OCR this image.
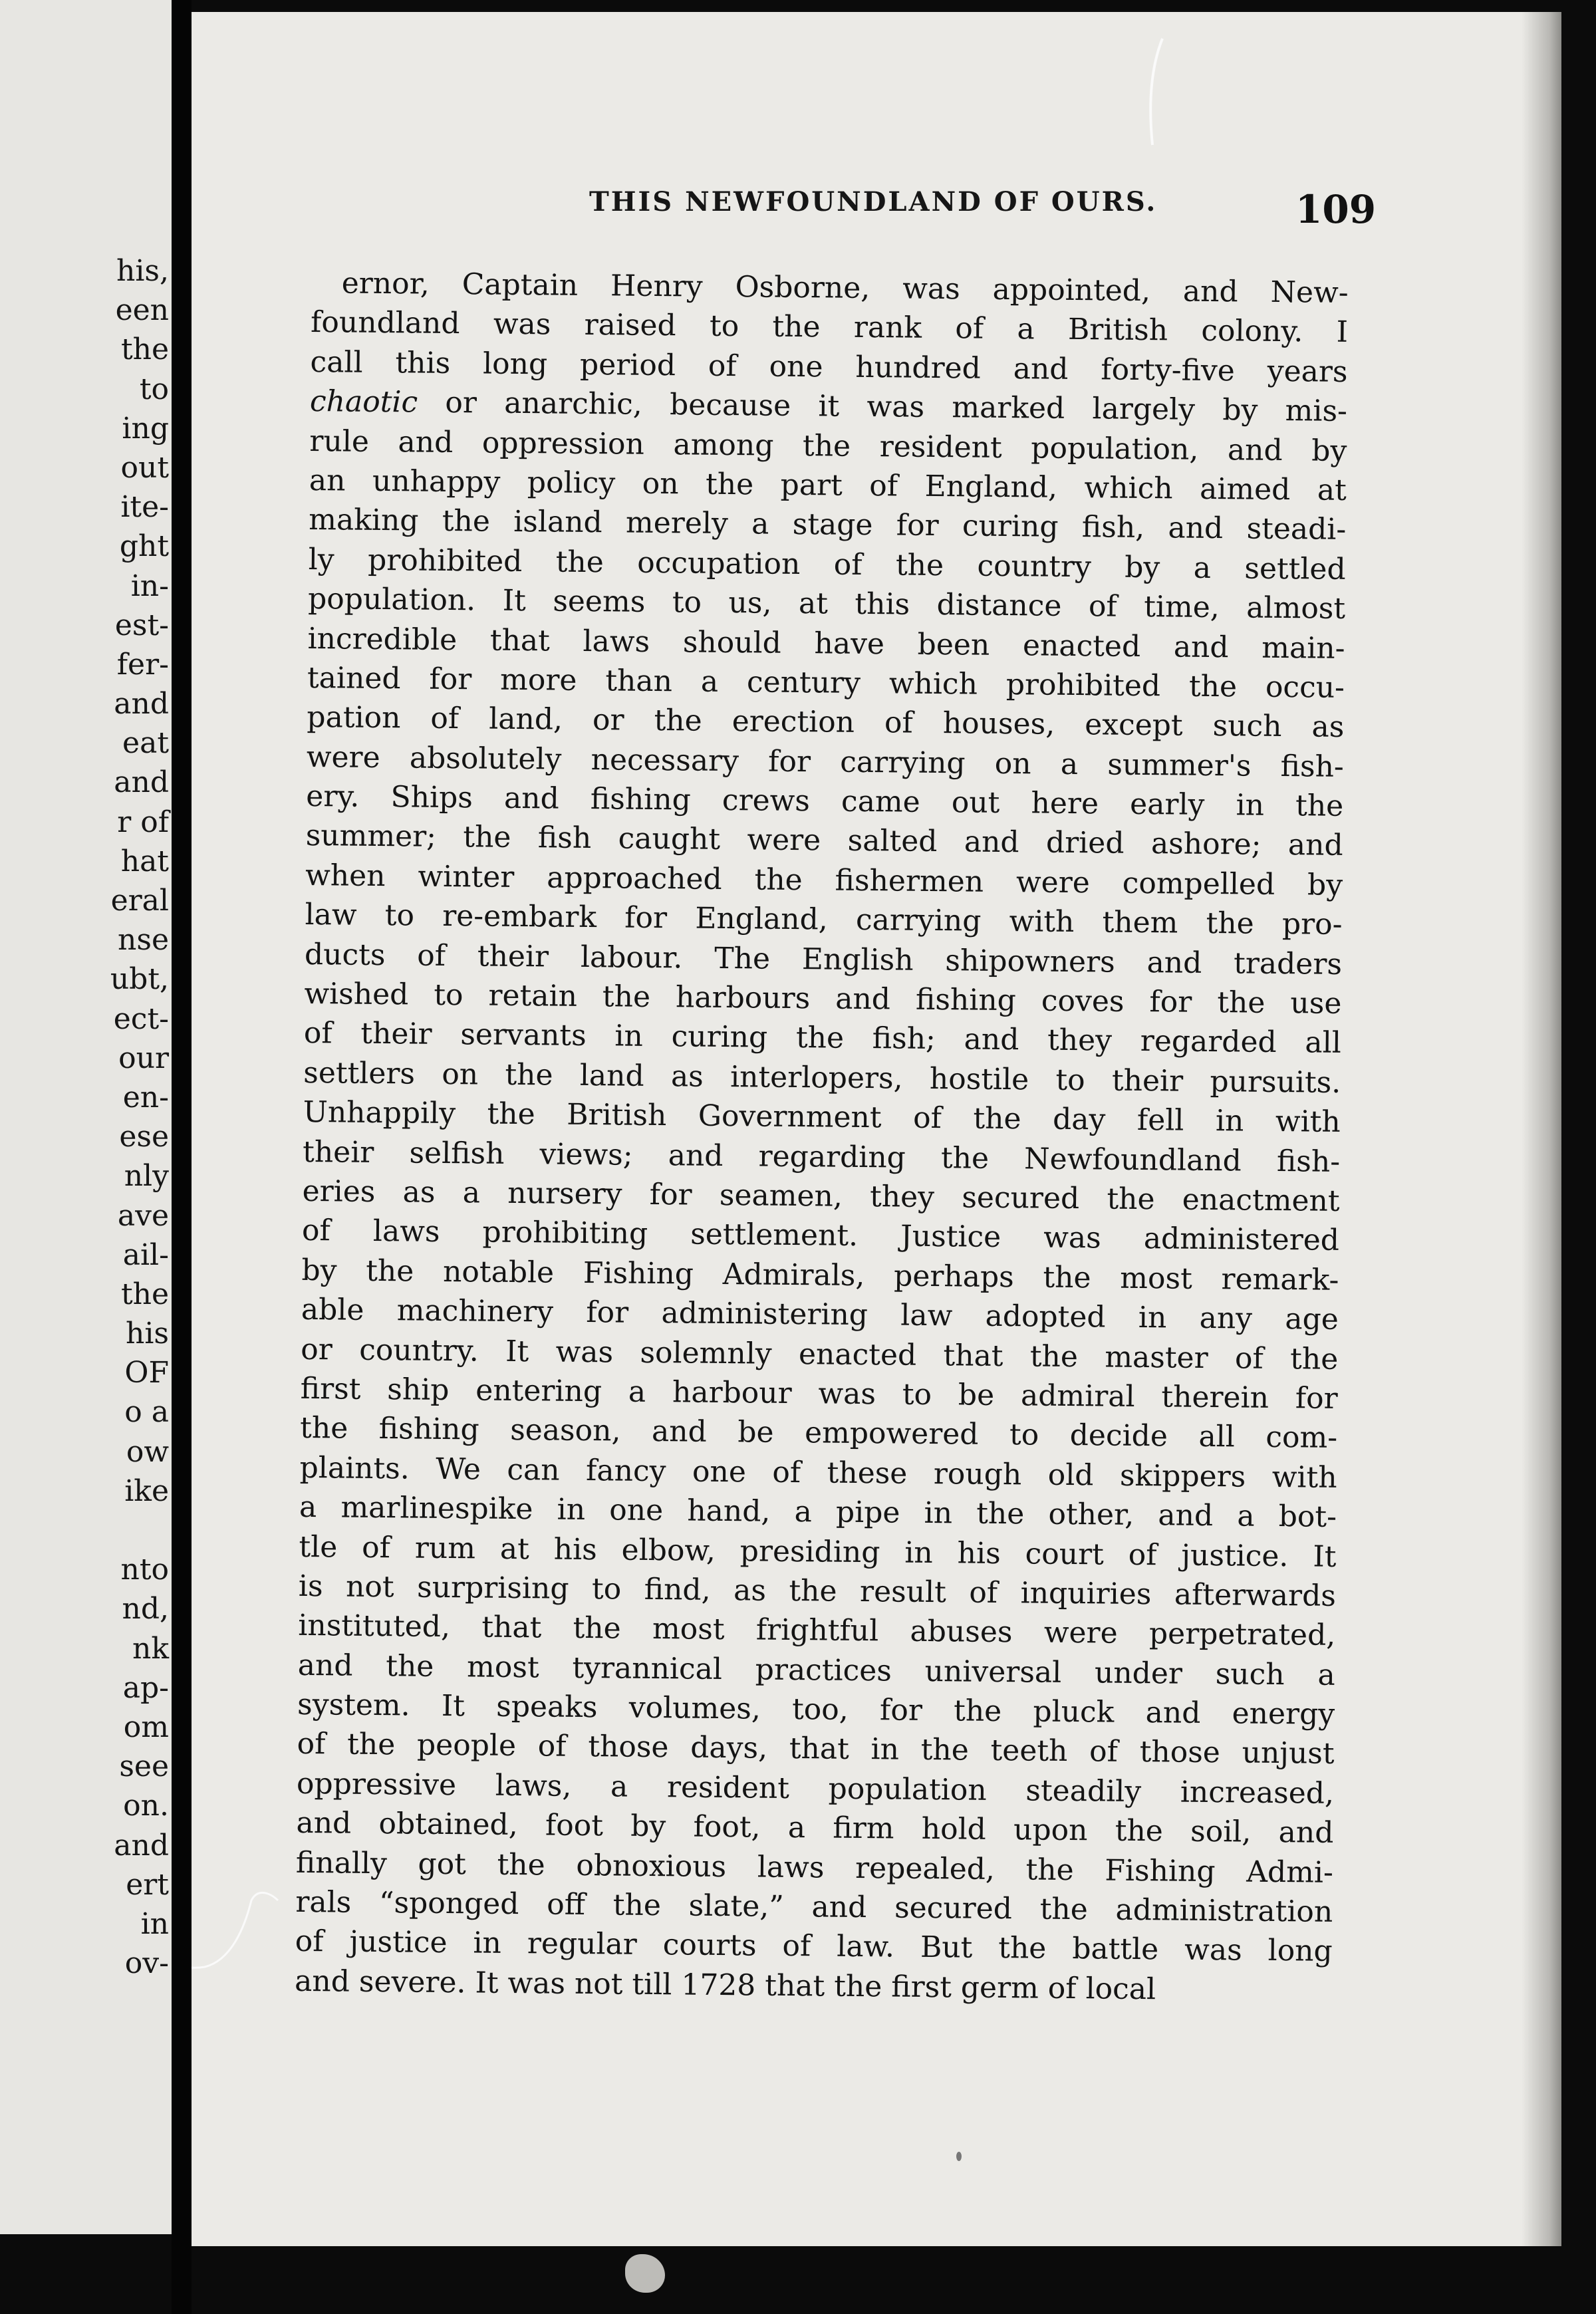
his,
een
the
to
ing
out
ite-
ght
in-
est-
fer-
and
eat
and
r of
hat
eral
nse
ubt,
ect-
our
en-
ese
nly
ave
ail-
the
his
OF
o a
ow
ike
nto
nd,
nk
ap-
om
see
on.
and
ert
in
ov-
THIS NEWFOUNDLAND OF OURS.	109
ernor, Captain Henry Osborne, was appointed, and New-
foundland was raised to the rank of a British colony. I
call this long period of one hundred and forty-five years
chaotic or anarchic, because it was marked largely by mis-
rule and oppression among the resident population, and by
an unhappy policy on the part of England, which aimed at
making the island merely a stage for curing fish, and steadi-
ly prohibited the occupation of the country by a settled
population. It seems to us, at this distance of time, almost
incredible that laws should have been enacted and main-
tained for more than a century which prohibited the occu-
pation of land, or the erection of houses, except such as
were absolutely necessary for carrying on a summer's fish-
ery. Ships and fishing crews came out here early in the
summer; the fish caught were salted and dried ashore; and
when winter approached the fishermen were compelled by
law to re-embark for England, carrying with them the pro-
ducts of their labour. The English shipowners and traders
wished to retain the harbours and fishing coves for the use
of their servants in curing the fish; and they regarded all
settlers on the land as interlopers, hostile to their pursuits.
Unhappily the British Government of the day fell in with
their selfish views; and regarding the Newfoundland fish-
eries as a nursery for seamen, they secured the enactment
of laws prohibiting settlement. Justice was administered
by the notable Fishing Admirals, perhaps the most remark-
able machinery for administering law adopted in any age
or country. It was solemnly enacted that the master of the
first ship entering a harbour was to be admiral therein for
the fishing season, and be empowered to decide all com-
plaints. We can fancy one of these rough old skippers with
a marlinespike in one hand, a pipe in the other, and a bot-
tle of rum at his elbow, presiding in his court of justice. It
is not surprising to find, as the result of inquiries afterwards
instituted, that the most frightful abuses were perpetrated,
and the most tyrannical practices universal under such a
system. It speaks volumes, too, for the pluck and energy
of the people of those days, that in the teeth of those unjust
oppressive laws, a resident population steadily increased,
and obtained, foot by foot, a firm hold upon the soil, and
finally got the obnoxious laws repealed, the Fishing Admi-
rals “sponged off the slate,” and secured the administration
of justice in regular courts of law. But the battle was long
and severe. It was not till 1728 that the first germ of local
